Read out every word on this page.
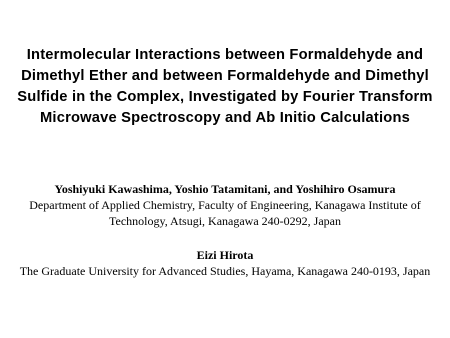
Intermolecular Interactions between Formaldehyde and
Dimethyl Ether and between Formaldehyde and Dimethyl
Sulfide in the Complex, Investigated by Fourier Transform
Microwave Spectroscopy and Ab Initio Calculations
Yoshiyuki Kawashima, Yoshio Tatamitani, and Yoshihiro Osamura
Department of Applied Chemistry, Faculty of Engineering, Kanagawa Institute of
Technology, Atsugi, Kanagawa 240-0292, Japan
Eizi Hirota
The Graduate University for Advanced Studies, Hayama, Kanagawa 240-0193, Japan
